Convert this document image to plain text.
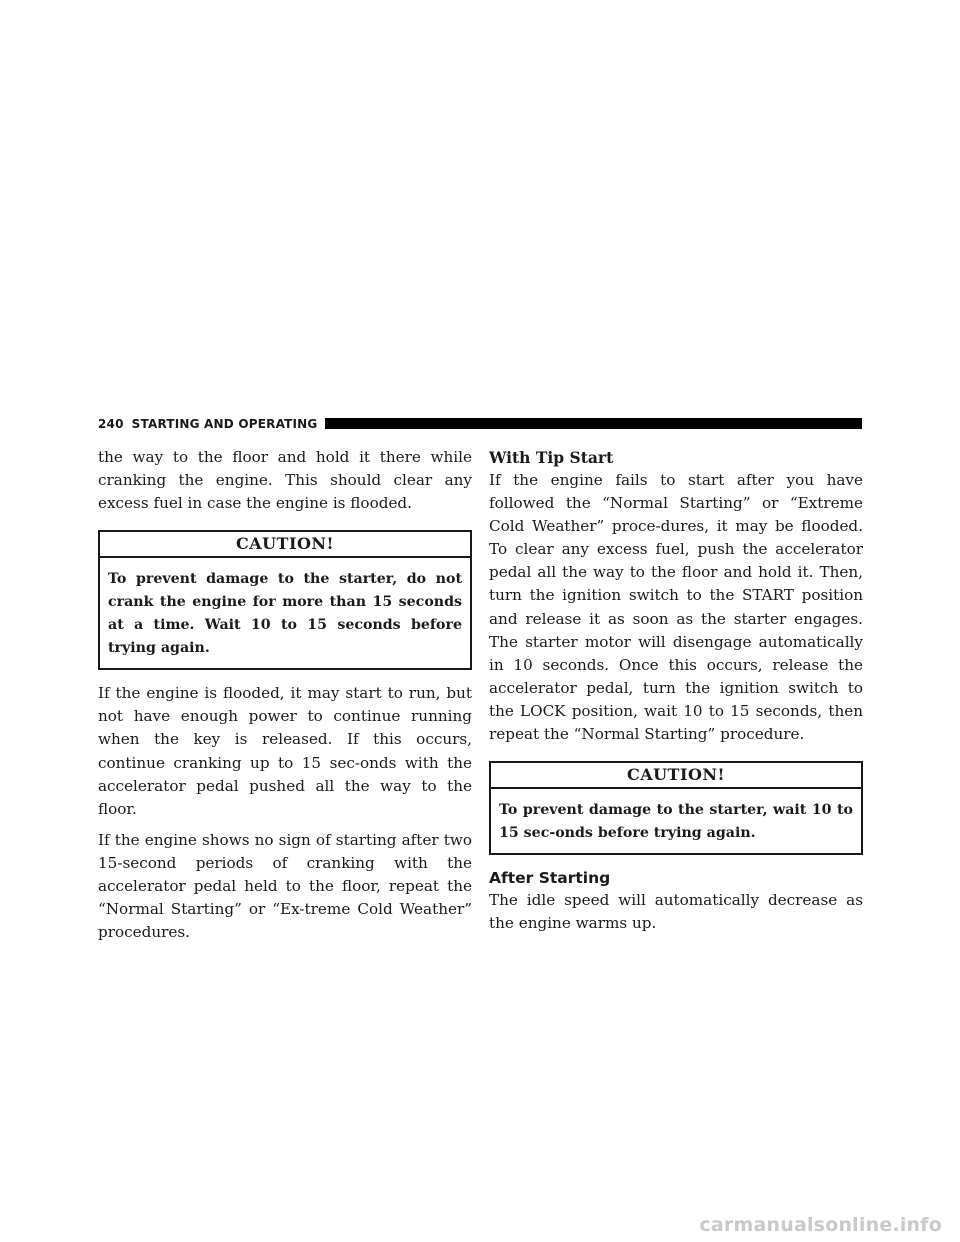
240 STARTING AND OPERATING

the way to the floor and hold it there while cranking the engine. This should clear any excess fuel in case the engine is flooded.

CAUTION!
To prevent damage to the starter, do not crank the engine for more than 15 seconds at a time. Wait 10 to 15 seconds before trying again.

If the engine is flooded, it may start to run, but not have enough power to continue running when the key is released. If this occurs, continue cranking up to 15 sec-onds with the accelerator pedal pushed all the way to the floor.

If the engine shows no sign of starting after two 15-second periods of cranking with the accelerator pedal held to the floor, repeat the “Normal Starting” or “Ex-treme Cold Weather” procedures.

With Tip Start

If the engine fails to start after you have followed the “Normal Starting” or “Extreme Cold Weather” proce-dures, it may be flooded. To clear any excess fuel, push the accelerator pedal all the way to the floor and hold it. Then, turn the ignition switch to the START position and release it as soon as the starter engages. The starter motor will disengage automatically in 10 seconds. Once this occurs, release the accelerator pedal, turn the ignition switch to the LOCK position, wait 10 to 15 seconds, then repeat the “Normal Starting” procedure.

CAUTION!
To prevent damage to the starter, wait 10 to 15 sec-onds before trying again.
After Starting

The idle speed will automatically decrease as the engine warms up.

carmanualsonline.info
